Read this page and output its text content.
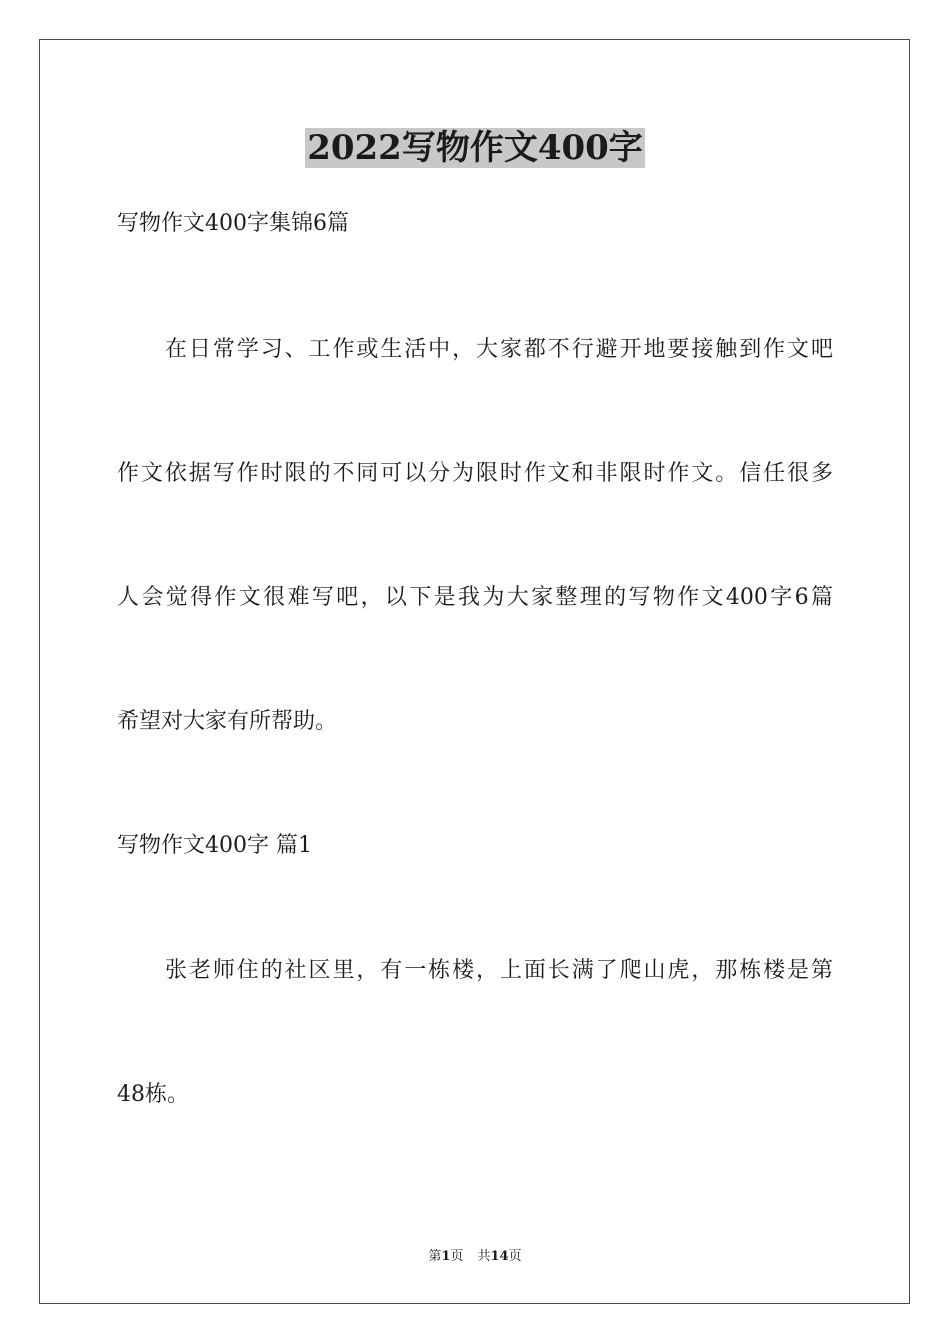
2022写物作文400字
写物作文400字集锦6篇
在日常学习、工作或生活中，大家都不行避开地要接触到作文吧
作文依据写作时限的不同可以分为限时作文和非限时作文。信任很多
人会觉得作文很难写吧，以下是我为大家整理的写物作文400字6篇
希望对大家有所帮助。
写物作文400字 篇1
张老师住的社区里，有一栋楼，上面长满了爬山虎，那栋楼是第
48栋。
第1页 共14页
